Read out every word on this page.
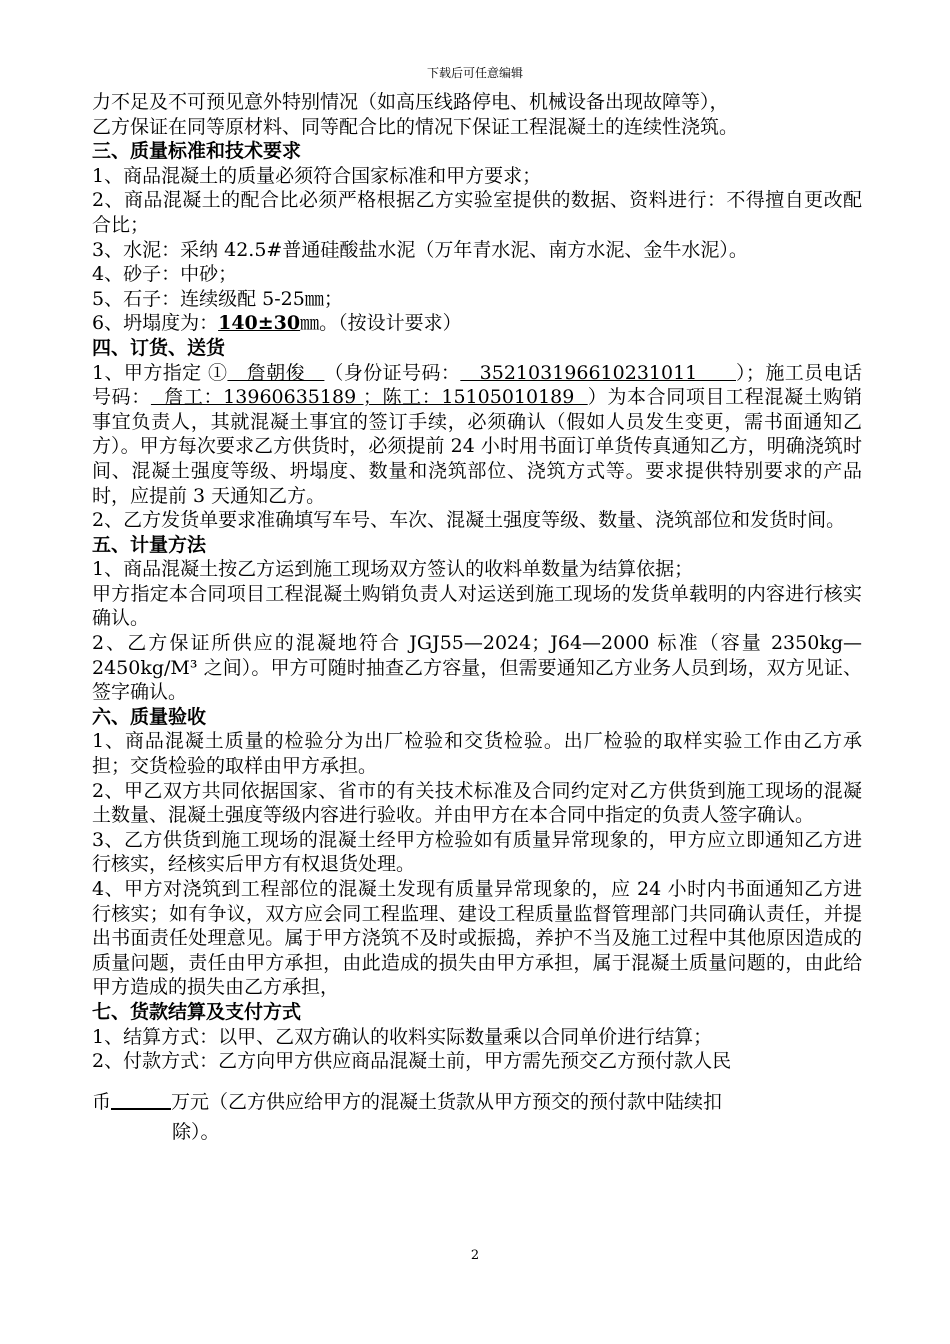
下载后可任意编辑

力不足及不可预见意外特别情况（如高压线路停电、机械设备出现故障等），

乙方保证在同等原材料、同等配合比的情况下保证工程混凝土的连续性浇筑。

三、质量标准和技术要求

1、商品混凝土的质量必须符合国家标准和甲方要求；

2、商品混凝土的配合比必须严格根据乙方实验室提供的数据、资料进行：不得擅自更改配合比；

3、水泥：采纳 42.5#普通硅酸盐水泥（万年青水泥、南方水泥、金牛水泥）。

4、砂子：中砂；

5、石子：连续级配 5-25㎜；

6、坍塌度为：140±30㎜。（按设计要求）

四、订货、送货

1、甲方指定 ①   詹朝俊   （身份证号码：   352103196610231011      ）；施工员电话号码：  詹工：13960635189 ；陈工：15105010189  ）为本合同项目工程混凝土购销事宜负责人，其就混凝土事宜的签订手续，必须确认（假如人员发生变更，需书面通知乙方）。甲方每次要求乙方供货时，必须提前 24 小时用书面订单货传真通知乙方，明确浇筑时间、混凝土强度等级、坍塌度、数量和浇筑部位、浇筑方式等。要求提供特别要求的产品时，应提前 3 天通知乙方。

2、乙方发货单要求准确填写车号、车次、混凝土强度等级、数量、浇筑部位和发货时间。

五、计量方法

1、商品混凝土按乙方运到施工现场双方签认的收料单数量为结算依据；

甲方指定本合同项目工程混凝土购销负责人对运送到施工现场的发货单载明的内容进行核实确认。

2、乙方保证所供应的混凝地符合 JGJ55—2024；J64—2000 标准（容量 2350kg—2450kg/M³ 之间）。甲方可随时抽查乙方容量，但需要通知乙方业务人员到场，双方见证、签字确认。

六、质量验收

1、商品混凝土质量的检验分为出厂检验和交货检验。出厂检验的取样实验工作由乙方承担；交货检验的取样由甲方承担。

2、甲乙双方共同依据国家、省市的有关技术标准及合同约定对乙方供货到施工现场的混凝土数量、混凝土强度等级内容进行验收。并由甲方在本合同中指定的负责人签字确认。

3、乙方供货到施工现场的混凝土经甲方检验如有质量异常现象的，甲方应立即通知乙方进行核实，经核实后甲方有权退货处理。

4、甲方对浇筑到工程部位的混凝土发现有质量异常现象的，应 24 小时内书面通知乙方进行核实；如有争议，双方应会同工程监理、建设工程质量监督管理部门共同确认责任，并提出书面责任处理意见。属于甲方浇筑不及时或振捣，养护不当及施工过程中其他原因造成的质量问题，责任由甲方承担，由此造成的损失由甲方承担，属于混凝土质量问题的，由此给甲方造成的损失由乙方承担，

七、货款结算及支付方式

1、结算方式：以甲、乙双方确认的收料实际数量乘以合同单价进行结算；

2、付款方式：乙方向甲方供应商品混凝土前，甲方需先预交乙方预付款人民

币	万元（乙方供应给甲方的混凝土货款从甲方预交的预付款中陆续扣

除）。

2
